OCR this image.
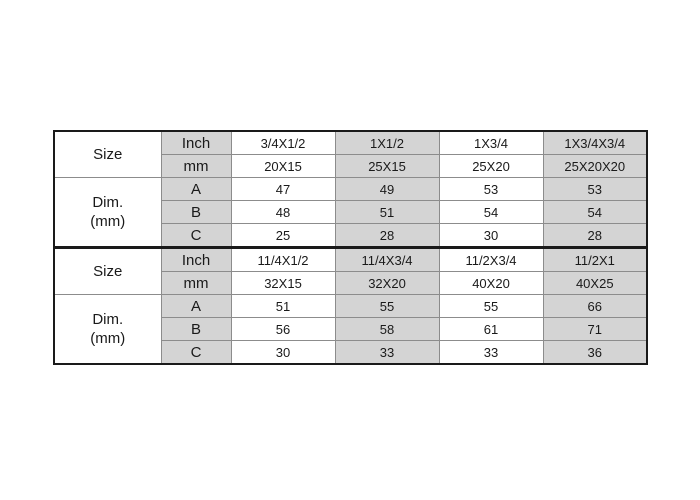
Size	Inch	3/4X1/2	1X1/2	1X3/4	1X3/4X3/4
	mm	20X15	25X15	25X20	25X20X20
Dim.
(mm)	A	47	49	53	53
	B	48	51	54	54
	C	25	28	30	28
Size	Inch	11/4X1/2	11/4X3/4	11/2X3/4	11/2X1
	mm	32X15	32X20	40X20	40X25
Dim.
(mm)	A	51	55	55	66
	B	56	58	61	71
	C	30	33	33	36
